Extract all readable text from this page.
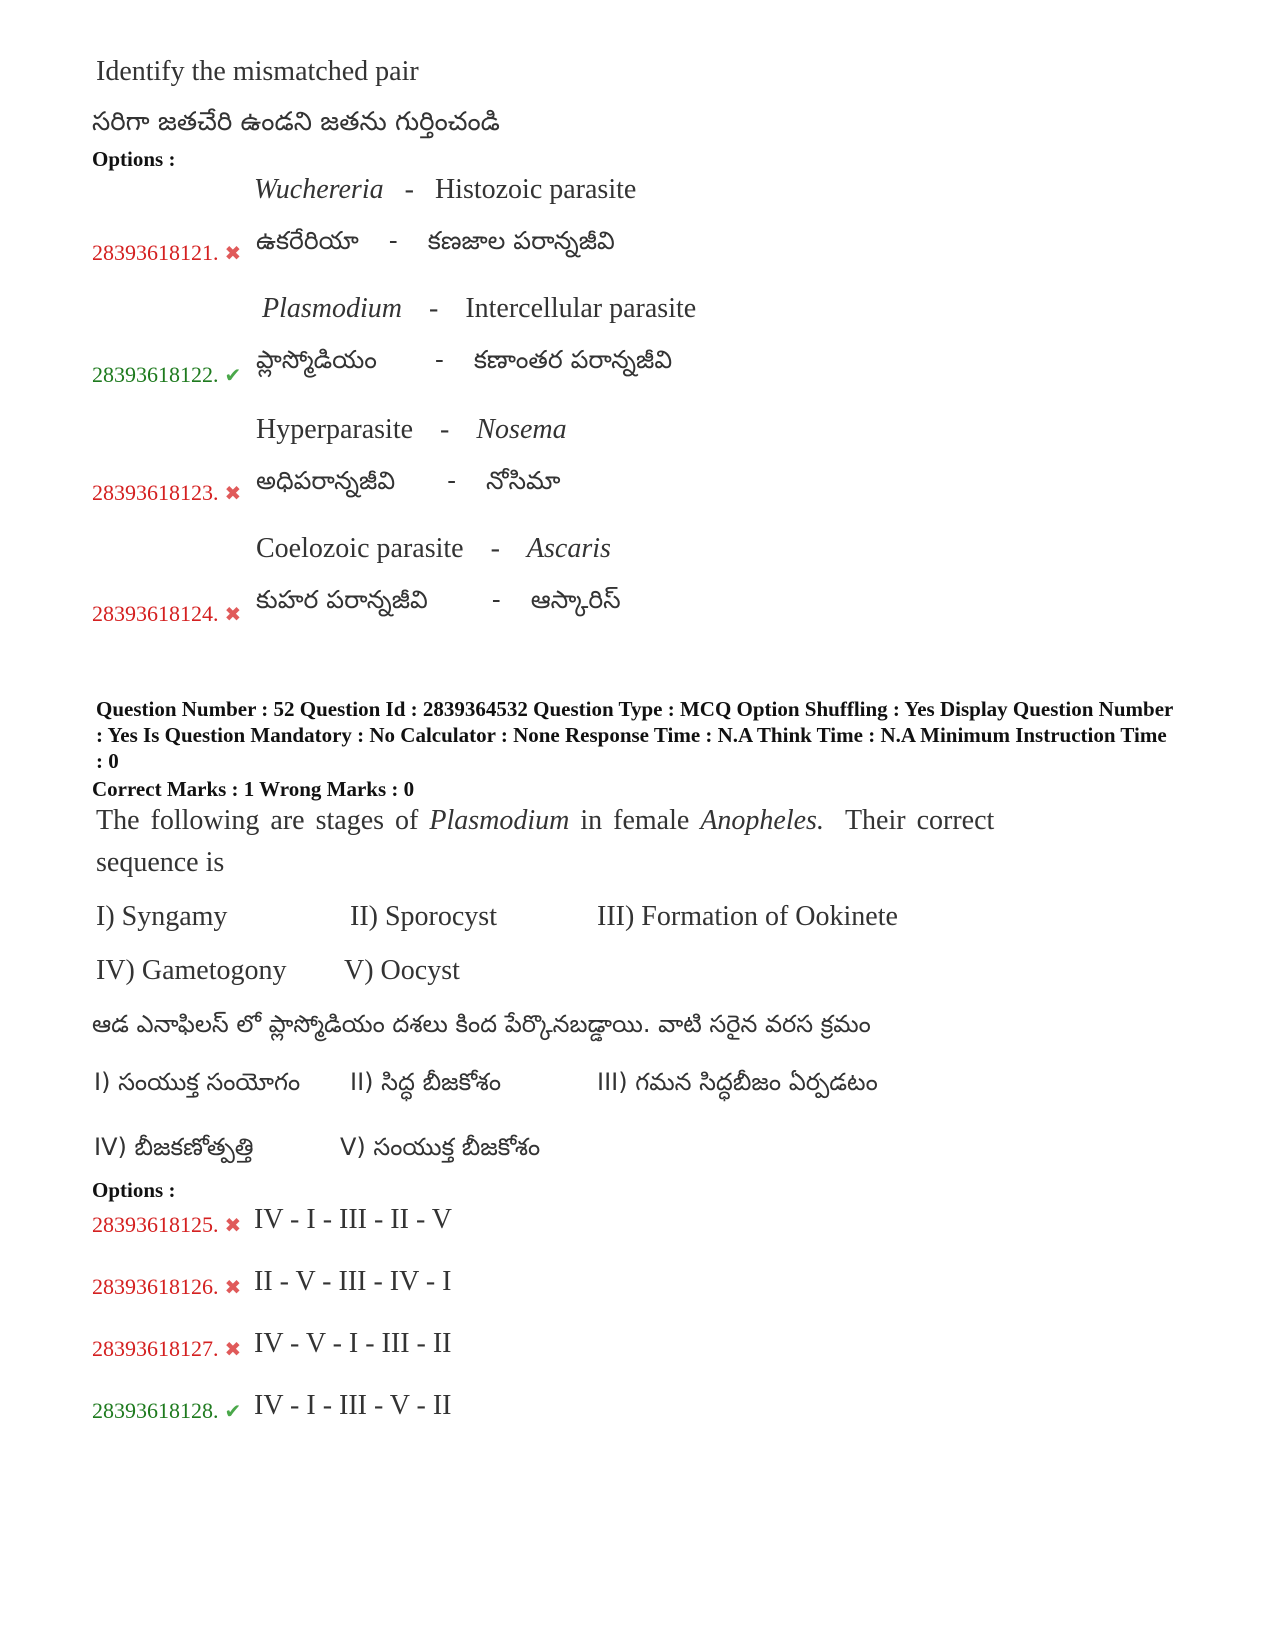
Identify the mismatched pair
సరిగా జతచేరి ఉండని జతను గుర్తించండి
Options :
Wuchereria - Histozoic parasite
28393618121. ✖ ఉకరేరియా - కణజాల పరాన్నజీవి
Plasmodium - Intercellular parasite
28393618122. ✔
ప్లాస్మోడియం - కణాంతర పరాన్నజీవి
Hyperparasite - Nosema
28393618123. ✖ అధిపరాన్నజీవి - నోసిమా
Coelozoic parasite - Ascaris
28393618124. ✖ కుహర పరాన్నజీవి	- ఆస్కారిస్
Question Number : 52 Question Id : 2839364532 Question Type : MCQ Option Shuffling : Yes Display Question Number : Yes Is Question Mandatory : No Calculator : None Response Time : N.A Think Time : N.A Minimum Instruction Time : 0
Correct Marks : 1 Wrong Marks : 0
The following are stages of Plasmodium in female Anopheles. Their correct
sequence is
I) Syngamy	II) Sporocyst	III) Formation of Ookinete
IV) Gametogony V) Oocyst
ఆడ ఎనాఫిలస్ లో ప్లాస్మోడియం దశలు కింద పేర్కొనబడ్డాయి. వాటి సరైన వరస క్రమం
I) సంయుక్త సంయోగం II) సిద్ధ బీజకోశం	III) గమన సిద్ధబీజం ఏర్పడటం
IV) బీజకణోత్పత్తి	V) సంయుక్త బీజకోశం
Options :
28393618125. ✖ IV - I - III - II - V
28393618126. ✖ II - V - III - IV - I
28393618127. ✖ IV - V - I - III - II
28393618128. ✔ IV - I - III - V - II
